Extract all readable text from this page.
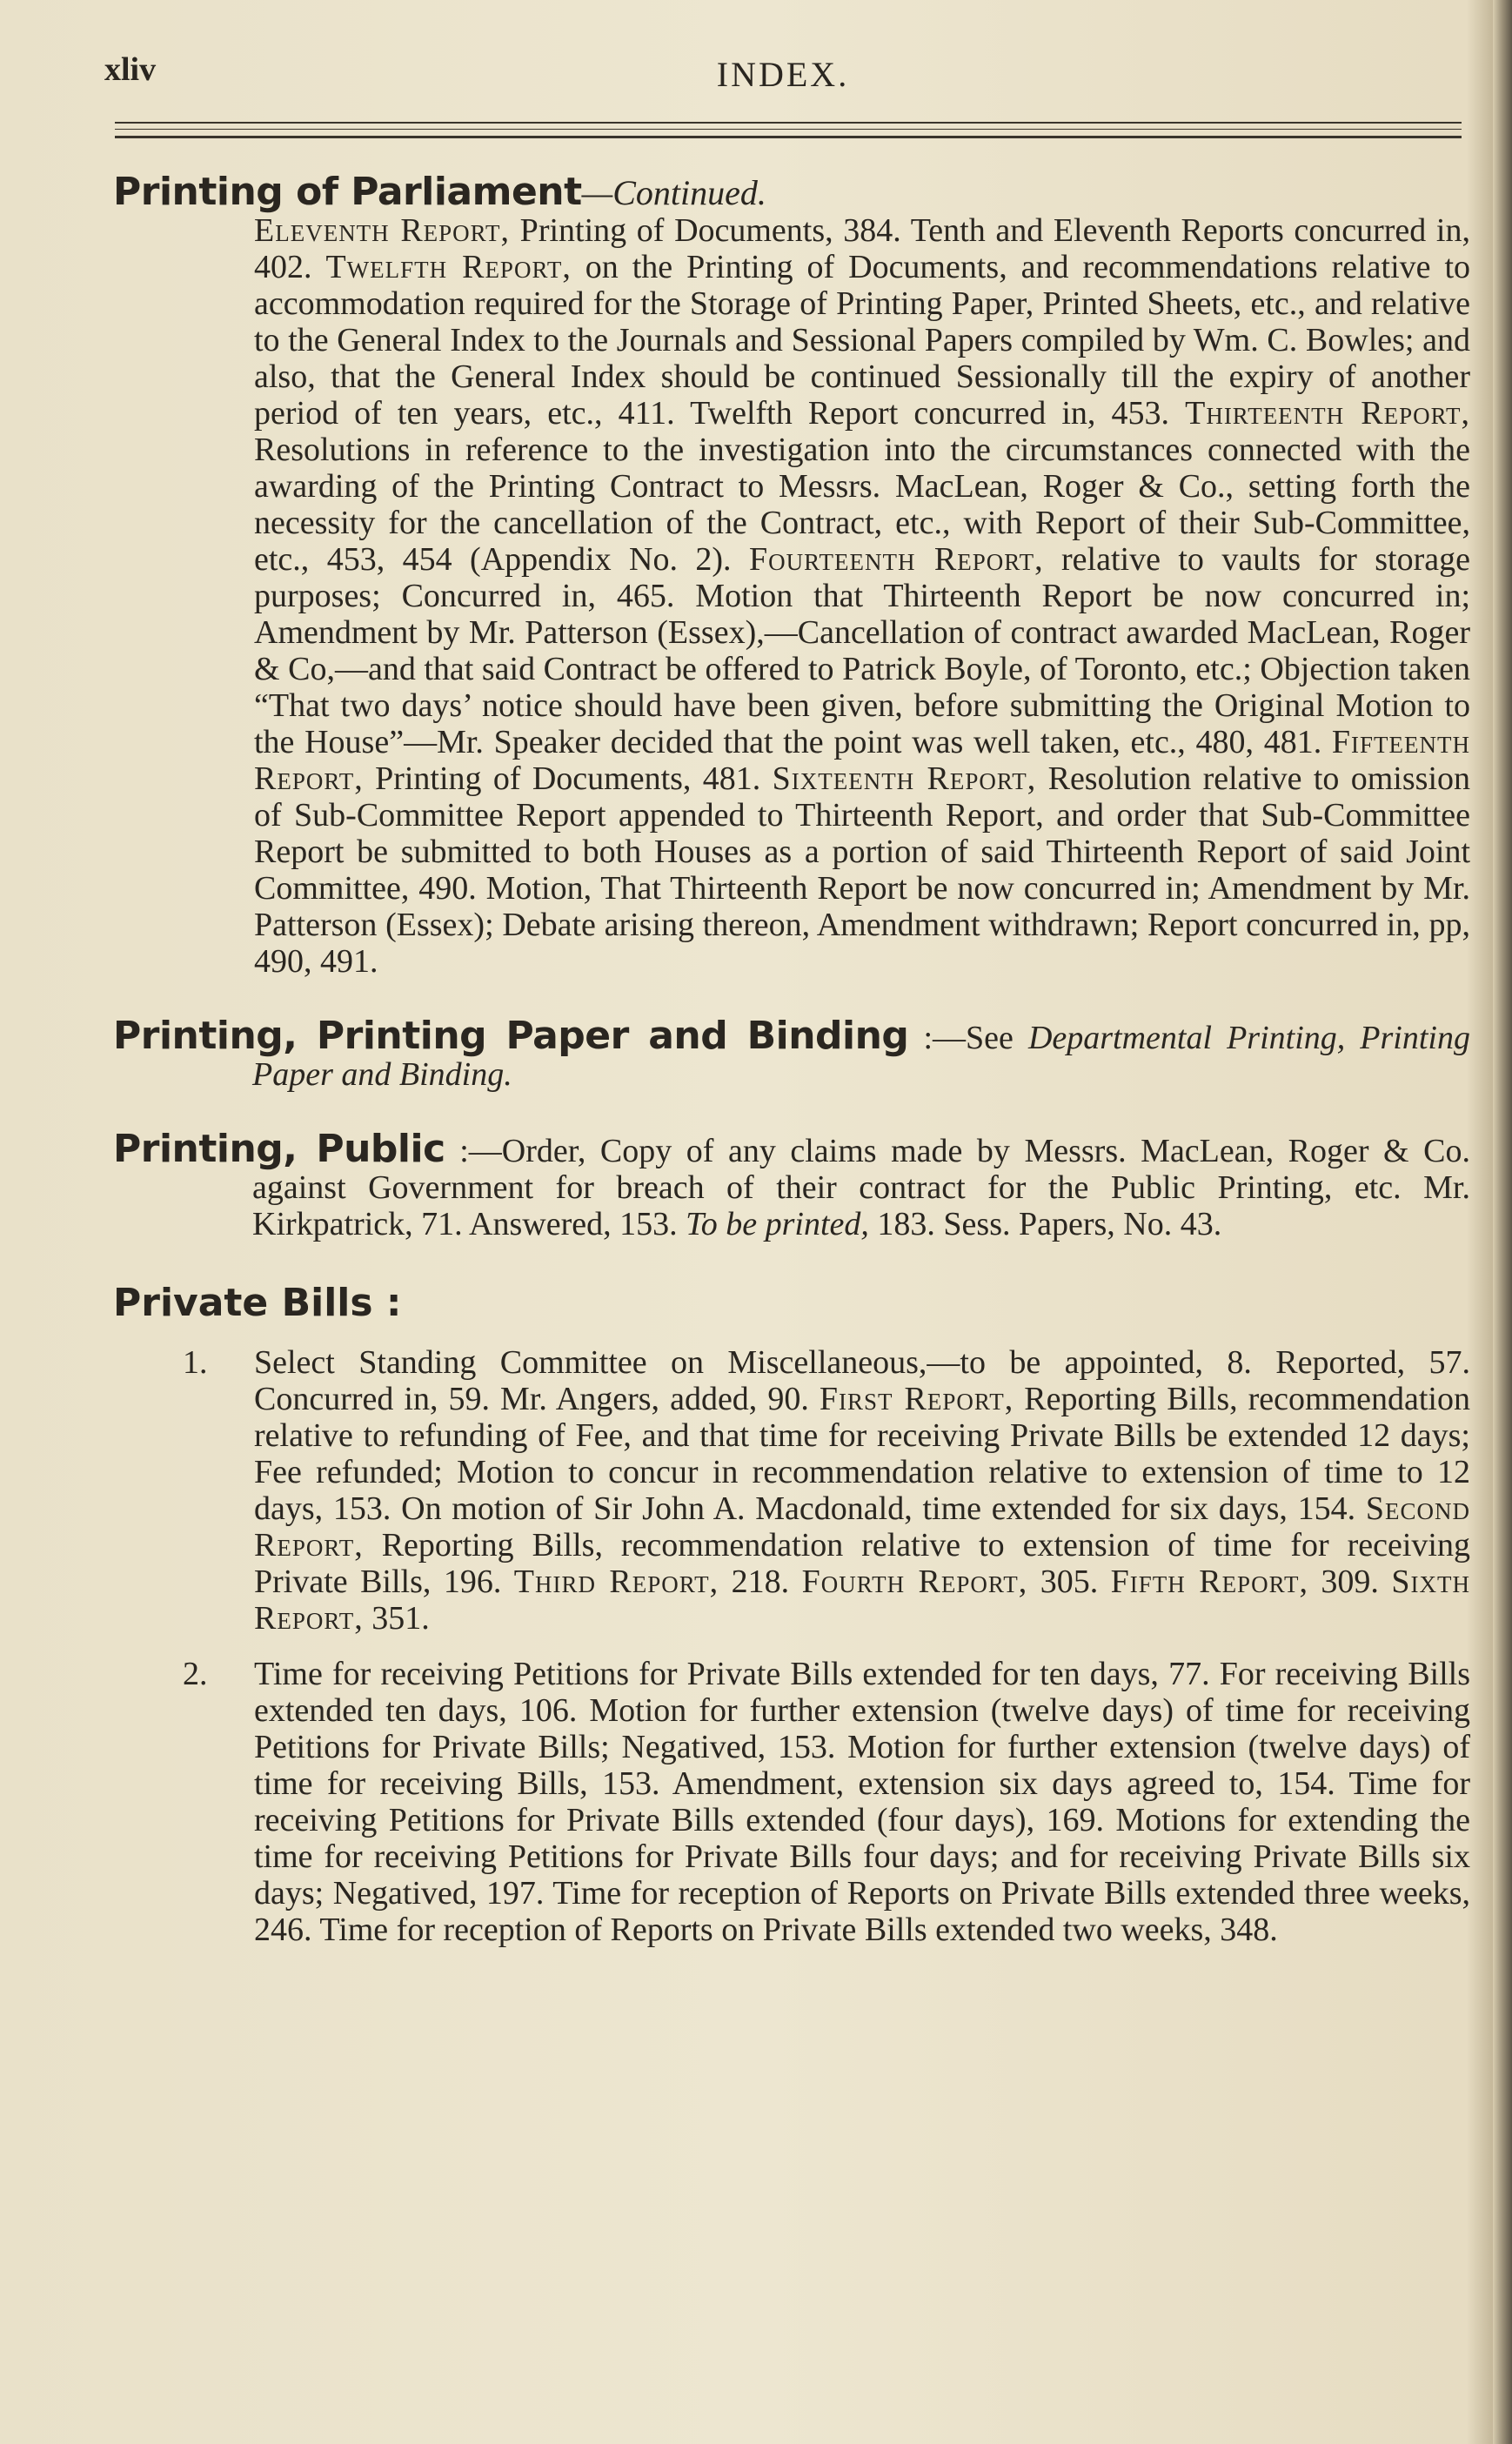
xliv	INDEX.
Printing of Parliament—Continued.
Eleventh Report, Printing of Documents, 384. Tenth and Eleventh Reports concurred in, 402. Twelfth Report, on the Printing of Documents, and recommendations relative to accommodation required for the Storage of Printing Paper, Printed Sheets, etc., and relative to the General Index to the Journals and Sessional Papers compiled by Wm. C. Bowles; and also, that the General Index should be continued Sessionally till the expiry of another period of ten years, etc., 411. Twelfth Report concurred in, 453. Thirteenth Report, Resolutions in reference to the investigation into the circumstances connected with the awarding of the Printing Contract to Messrs. MacLean, Roger & Co., setting forth the necessity for the cancellation of the Contract, etc., with Report of their Sub-Committee, etc., 453, 454 (Appendix No. 2). Fourteenth Report, relative to vaults for storage purposes; Concurred in, 465. Motion that Thirteenth Report be now concurred in; Amendment by Mr. Patterson (Essex),—Cancellation of contract awarded MacLean, Roger & Co,—and that said Contract be offered to Patrick Boyle, of Toronto, etc.; Objection taken “That two days’ notice should have been given, before submitting the Original Motion to the House”—Mr. Speaker decided that the point was well taken, etc., 480, 481. Fifteenth Report, Printing of Documents, 481. Sixteenth Report, Resolution relative to omission of Sub-Committee Report appended to Thirteenth Report, and order that Sub-Committee Report be submitted to both Houses as a portion of said Thirteenth Report of said Joint Committee, 490. Motion, That Thirteenth Report be now concurred in; Amendment by Mr. Patterson (Essex); Debate arising thereon, Amendment withdrawn; Report concurred in, pp, 490, 491.
Printing, Printing Paper and Binding :—See Departmental Printing, Printing Paper and Binding.
Printing, Public :—Order, Copy of any claims made by Messrs. MacLean, Roger & Co. against Government for breach of their contract for the Public Printing, etc. Mr. Kirkpatrick, 71. Answered, 153. To be printed, 183. Sess. Papers, No. 43.
Private Bills :
1. Select Standing Committee on Miscellaneous,—to be appointed, 8. Reported, 57. Concurred in, 59. Mr. Angers, added, 90. First Report, Reporting Bills, recommendation relative to refunding of Fee, and that time for receiving Private Bills be extended 12 days; Fee refunded; Motion to concur in recommendation relative to extension of time to 12 days, 153. On motion of Sir John A. Macdonald, time extended for six days, 154. Second Report, Reporting Bills, recommendation relative to extension of time for receiving Private Bills, 196. Third Report, 218. Fourth Report, 305. Fifth Report, 309. Sixth Report, 351.
2. Time for receiving Petitions for Private Bills extended for ten days, 77. For receiving Bills extended ten days, 106. Motion for further extension (twelve days) of time for receiving Petitions for Private Bills; Negatived, 153. Motion for further extension (twelve days) of time for receiving Bills, 153. Amendment, extension six days agreed to, 154. Time for receiving Petitions for Private Bills extended (four days), 169. Motions for extending the time for receiving Petitions for Private Bills four days; and for receiving Private Bills six days; Negatived, 197. Time for reception of Reports on Private Bills extended three weeks, 246. Time for reception of Reports on Private Bills extended two weeks, 348.
